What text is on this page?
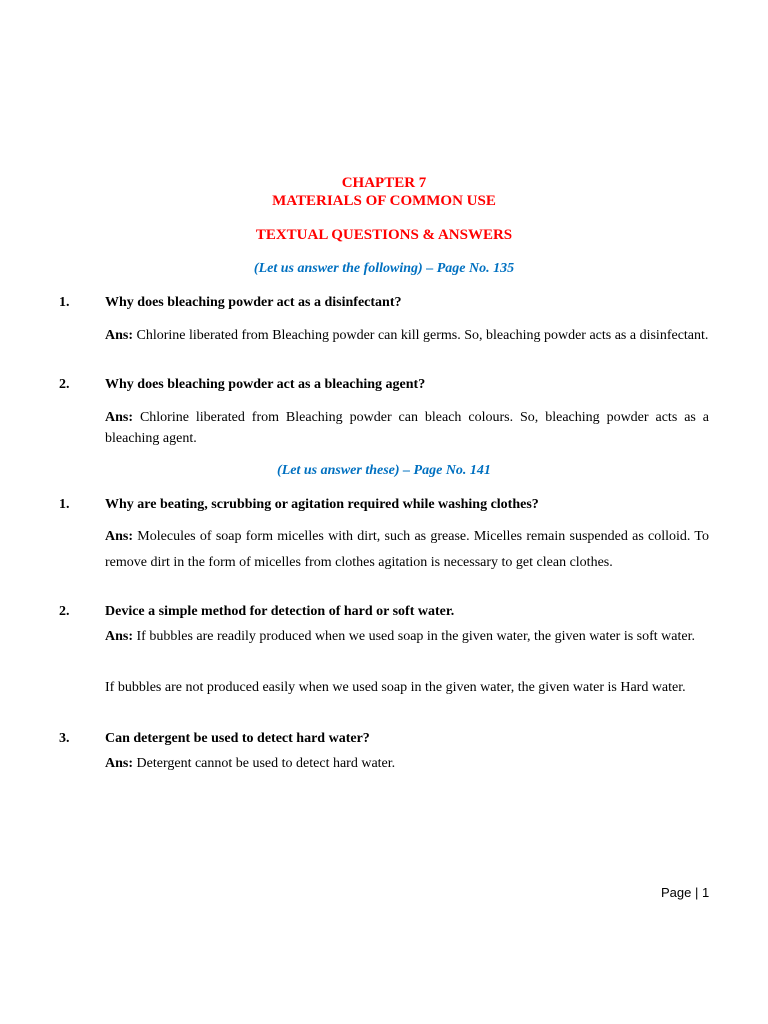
CHAPTER 7
MATERIALS OF COMMON USE
TEXTUAL QUESTIONS & ANSWERS
(Let us answer the following) – Page No. 135
1.	Why does bleaching powder act as a disinfectant?
Ans: Chlorine liberated from Bleaching powder can kill germs. So, bleaching powder acts as a disinfectant.
2.	Why does bleaching powder act as a bleaching agent?
Ans: Chlorine liberated from Bleaching powder can bleach colours. So, bleaching powder acts as a bleaching agent.
(Let us answer these) – Page No. 141
1.	Why are beating, scrubbing or agitation required while washing clothes?
Ans: Molecules of soap form micelles with dirt, such as grease. Micelles remain suspended as colloid. To remove dirt in the form of micelles from clothes agitation is necessary to get clean clothes.
2.	Device a simple method for detection of hard or soft water.
Ans: If bubbles are readily produced when we used soap in the given water, the given water is soft water.
If bubbles are not produced easily when we used soap in the given water, the given water is Hard water.
3.	Can detergent be used to detect hard water?
Ans: Detergent cannot be used to detect hard water.
Page | 1
